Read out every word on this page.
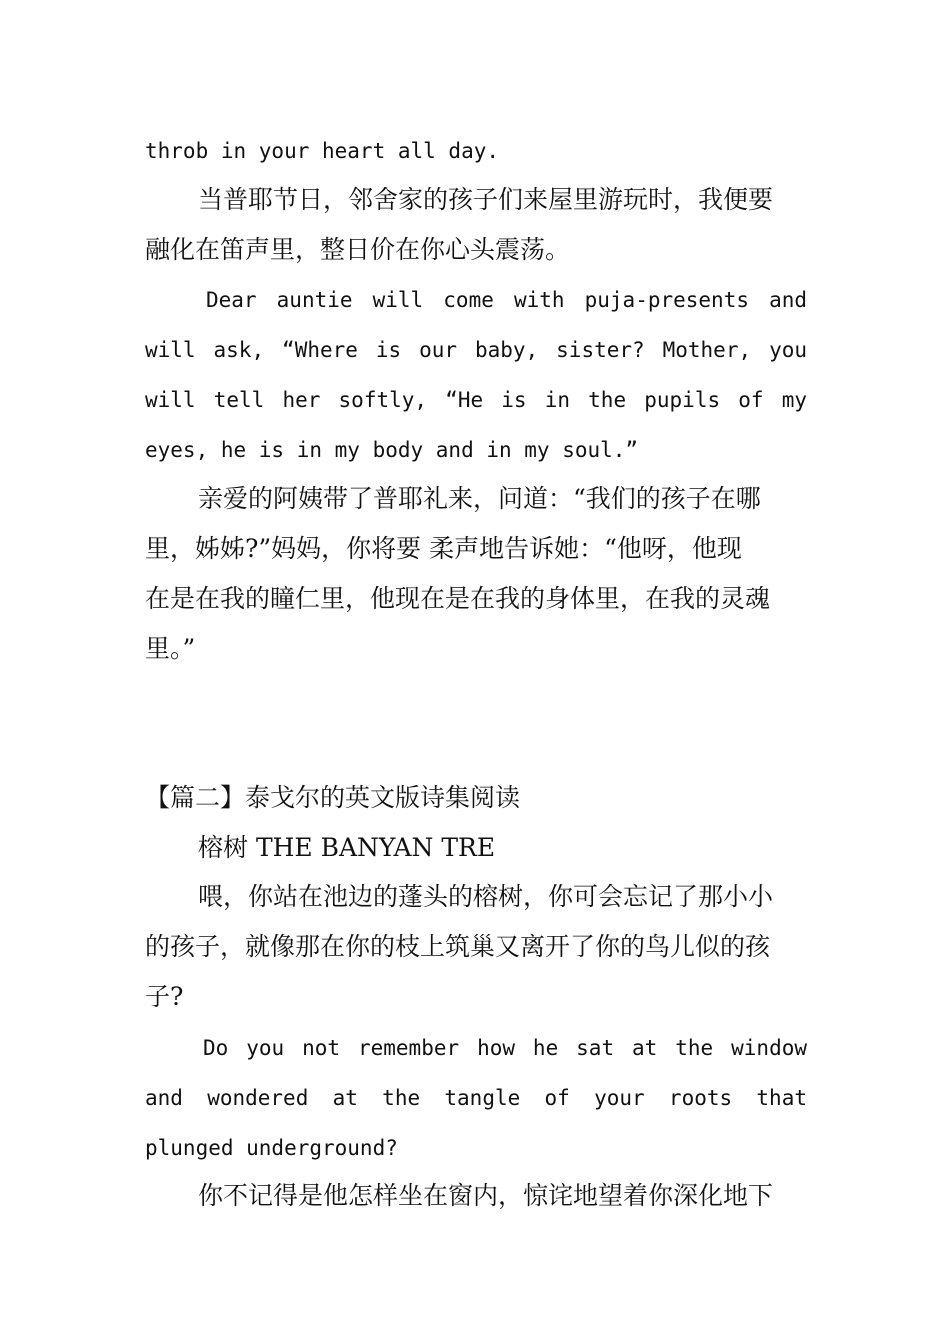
throb in your heart all day.
当普耶节日，邻舍家的孩子们来屋里游玩时，我便要
融化在笛声里，整日价在你心头震荡。
Dear auntie will come with puja-presents and
will ask, “Where is our baby, sister? Mother, you
will tell her softly, “He is in the pupils of my
eyes, he is in my body and in my soul.”
亲爱的阿姨带了普耶礼来，问道：“我们的孩子在哪
里，姊姊?”妈妈，你将要 柔声地告诉她：“他呀，他现
在是在我的瞳仁里，他现在是在我的身体里，在我的灵魂
里。”
【篇二】泰戈尔的英文版诗集阅读
榕树 THE BANYAN TRE
喂，你站在池边的蓬头的榕树，你可会忘记了那小小
的孩子，就像那在你的枝上筑巢又离开了你的鸟儿似的孩
子?
Do you not remember how he sat at the window
and wondered at the tangle of your roots that
plunged underground?
你不记得是他怎样坐在窗内，惊诧地望着你深化地下
